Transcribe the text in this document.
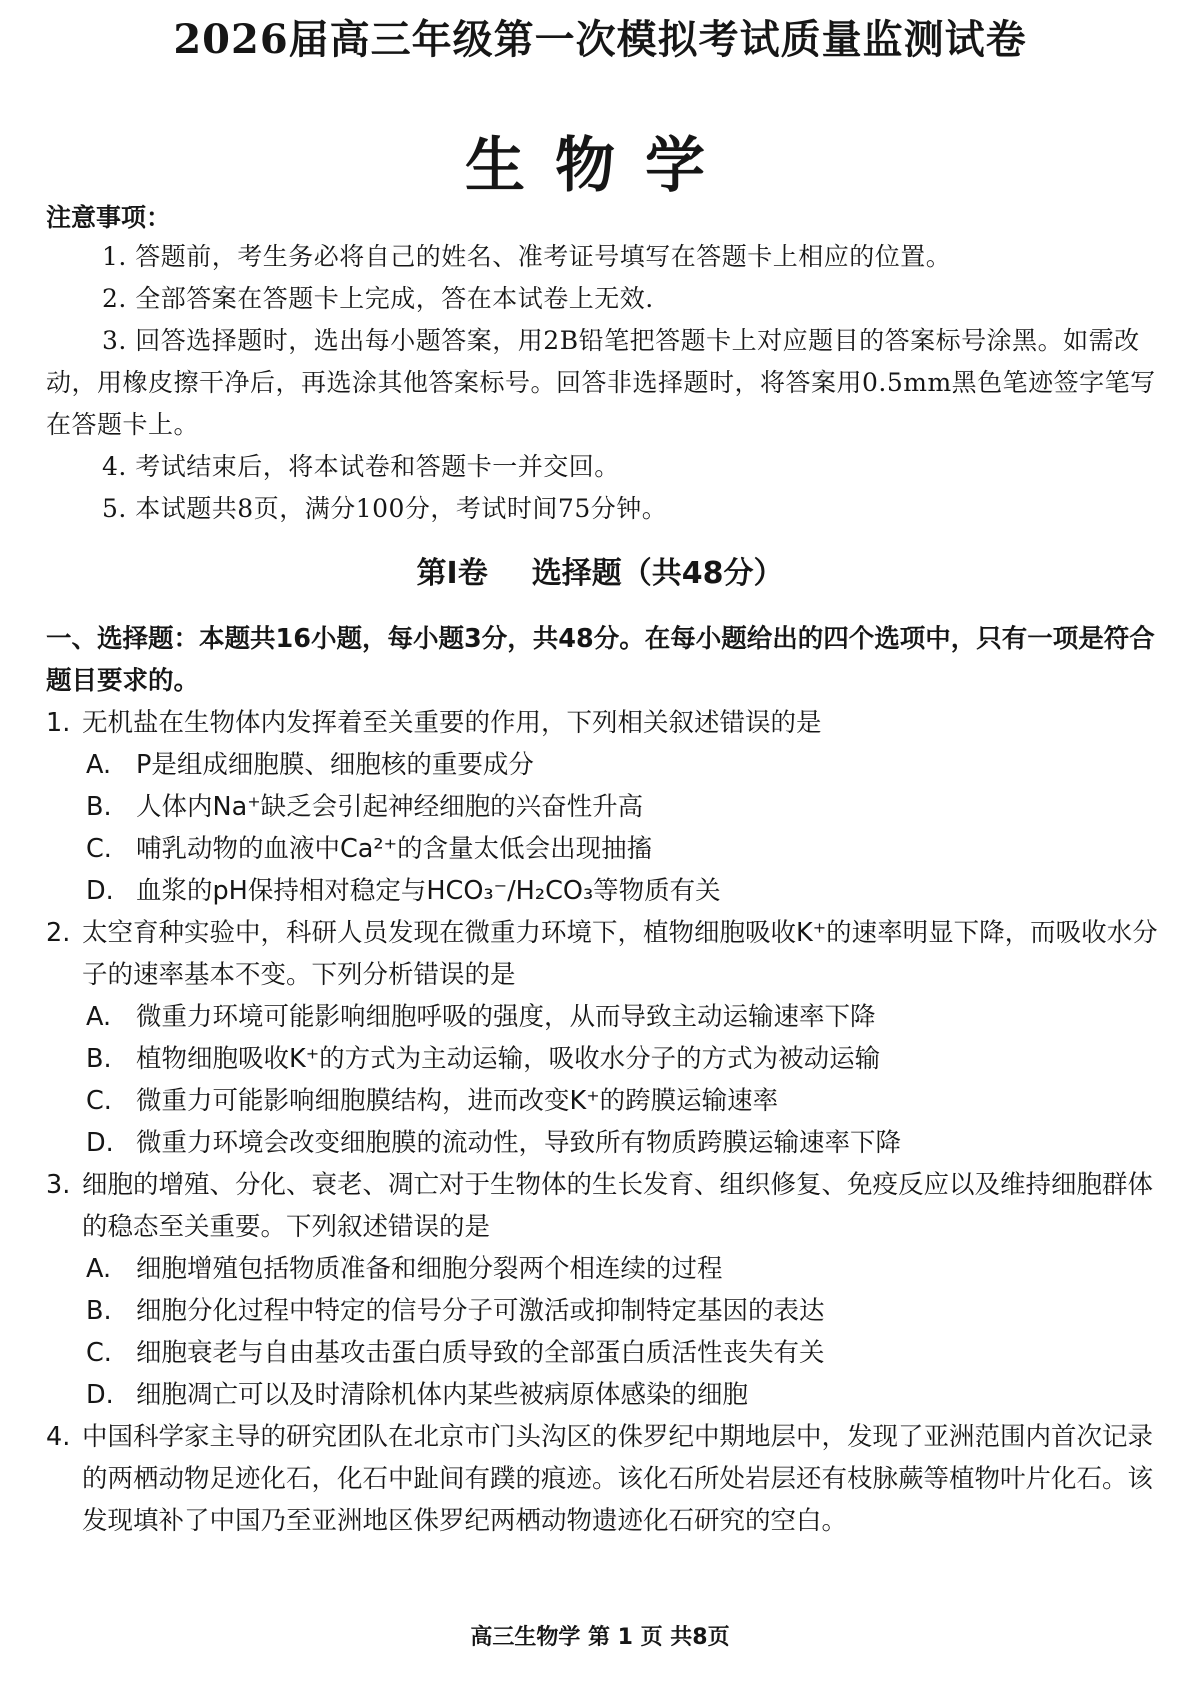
2026届高三年级第一次模拟考试质量监测试卷
生物学

注意事项：

1. 答题前，考生务必将自己的姓名、准考证号填写在答题卡上相应的位置。
2. 全部答案在答题卡上完成，答在本试卷上无效.
3. 回答选择题时，选出每小题答案，用2B铅笔把答题卡上对应题目的答案标号涂黑。如需改动，用橡皮擦干净后，再选涂其他答案标号。回答非选择题时，将答案用0.5mm黑色笔迹签字笔写在答题卡上。
4. 考试结束后，将本试卷和答题卡一并交回。
5. 本试题共8页，满分100分，考试时间75分钟。

第I卷 选择题（共48分）

一、选择题：本题共16小题，每小题3分，共48分。在每小题给出的四个选项中，只有一项是符合题目要求的。

1. 无机盐在生物体内发挥着至关重要的作用，下列相关叙述错误的是
A. P是组成细胞膜、细胞核的重要成分
B. 人体内Na⁺缺乏会引起神经细胞的兴奋性升高
C. 哺乳动物的血液中Ca²⁺的含量太低会出现抽搐
D. 血浆的pH保持相对稳定与HCO₃⁻/H₂CO₃等物质有关
2. 太空育种实验中，科研人员发现在微重力环境下，植物细胞吸收K⁺的速率明显下降，而吸收水分子的速率基本不变。下列分析错误的是
A. 微重力环境可能影响细胞呼吸的强度，从而导致主动运输速率下降
B. 植物细胞吸收K⁺的方式为主动运输，吸收水分子的方式为被动运输
C. 微重力可能影响细胞膜结构，进而改变K⁺的跨膜运输速率
D. 微重力环境会改变细胞膜的流动性，导致所有物质跨膜运输速率下降
3. 细胞的增殖、分化、衰老、凋亡对于生物体的生长发育、组织修复、免疫反应以及维持细胞群体的稳态至关重要。下列叙述错误的是
A. 细胞增殖包括物质准备和细胞分裂两个相连续的过程
B. 细胞分化过程中特定的信号分子可激活或抑制特定基因的表达
C. 细胞衰老与自由基攻击蛋白质导致的全部蛋白质活性丧失有关
D. 细胞凋亡可以及时清除机体内某些被病原体感染的细胞
4. 中国科学家主导的研究团队在北京市门头沟区的侏罗纪中期地层中，发现了亚洲范围内首次记录的两栖动物足迹化石，化石中趾间有蹼的痕迹。该化石所处岩层还有枝脉蕨等植物叶片化石。该发现填补了中国乃至亚洲地区侏罗纪两栖动物遗迹化石研究的空白。

高三生物学 第 1 页 共8页
